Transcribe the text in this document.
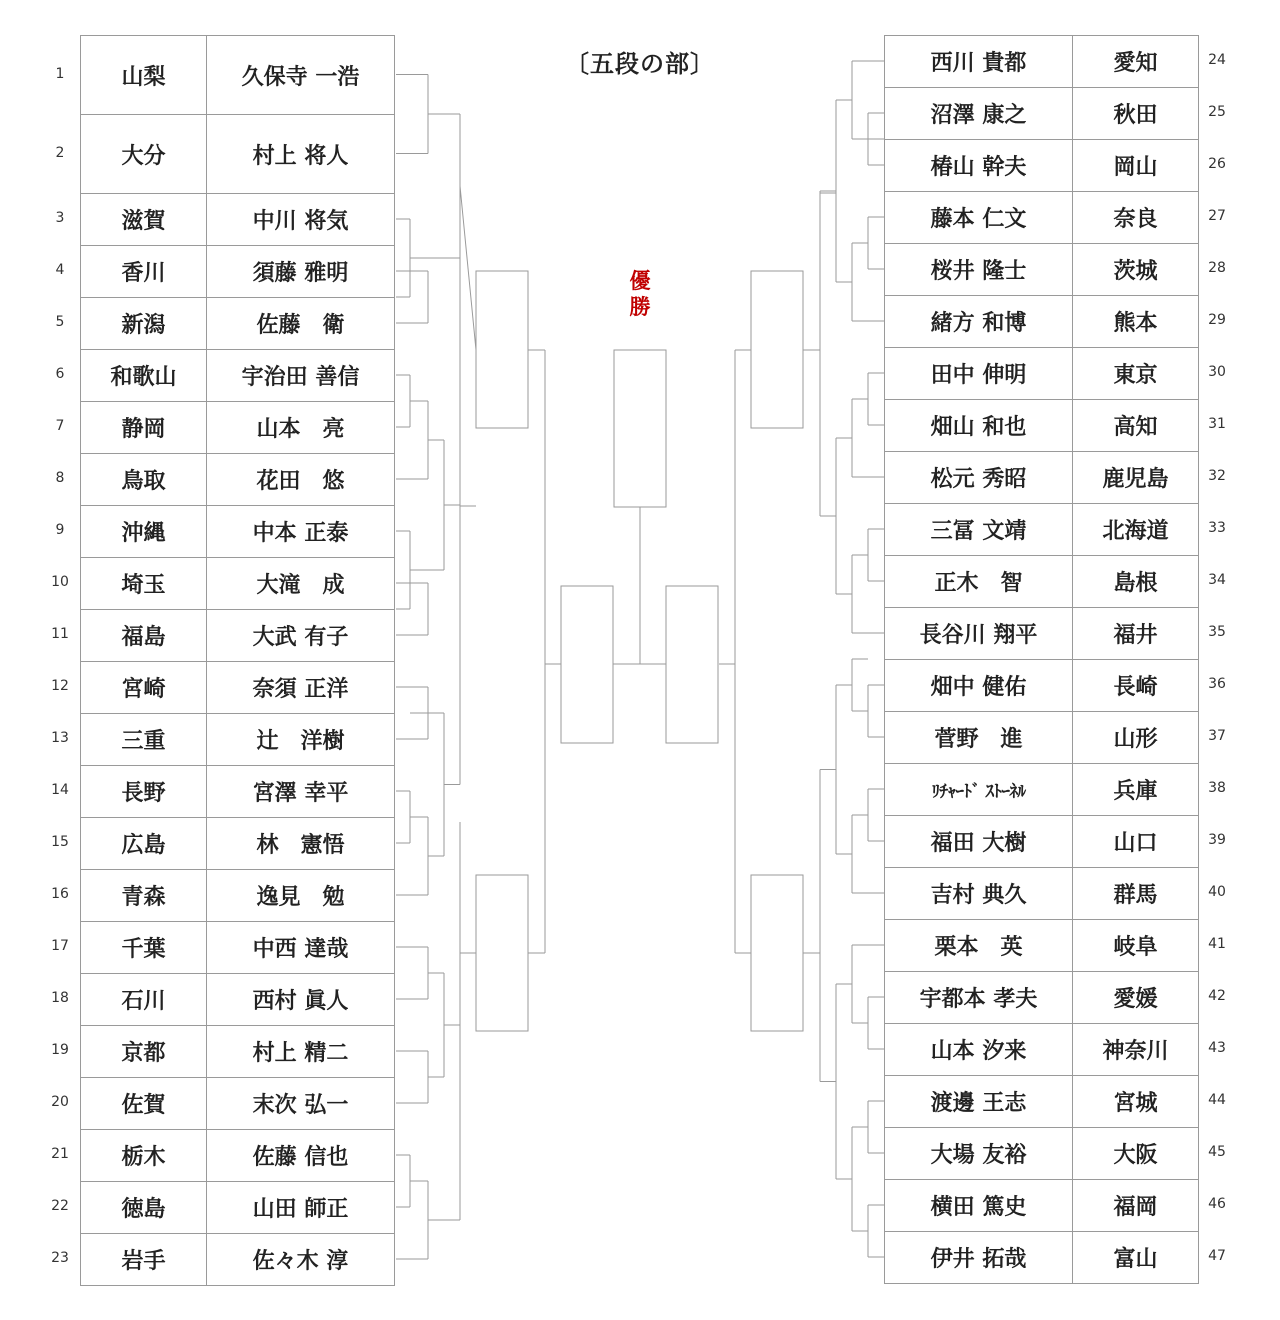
〔五段の部〕
優勝
山梨	久保寺 一浩
大分	村上 将人
滋賀	中川 将気
香川	須藤 雅明
新潟	佐藤　衛
和歌山	宇治田 善信
静岡	山本　亮
鳥取	花田　悠
沖縄	中本 正泰
埼玉	大滝　成
福島	大武 有子
宮崎	奈須 正洋
三重	辻　洋樹
長野	宮澤 幸平
広島	林　憲悟
青森	逸見　勉
千葉	中西 達哉
石川	西村 眞人
京都	村上 精二
佐賀	末次 弘一
栃木	佐藤 信也
徳島	山田 師正
岩手	佐々木 淳
西川 貴都	愛知
沼澤 康之	秋田
椿山 幹夫	岡山
藤本 仁文	奈良
桜井 隆士	茨城
緒方 和博	熊本
田中 伸明	東京
畑山 和也	高知
松元 秀昭	鹿児島
三冨 文靖	北海道
正木　智	島根
長谷川 翔平	福井
畑中 健佑	長崎
菅野　進	山形
ﾘﾁｬｰﾄﾞ ｽﾄｰﾈﾙ	兵庫
福田 大樹	山口
吉村 典久	群馬
栗本　英	岐阜
宇都本 孝夫	愛媛
山本 汐来	神奈川
渡邊 王志	宮城
大場 友裕	大阪
横田 篤史	福岡
伊井 拓哉	富山
1
2
3
4
5
6
7
8
9
10
11
12
13
14
15
16
17
18
19
20
21
22
23
24
25
26
27
28
29
30
31
32
33
34
35
36
37
38
39
40
41
42
43
44
45
46
47
